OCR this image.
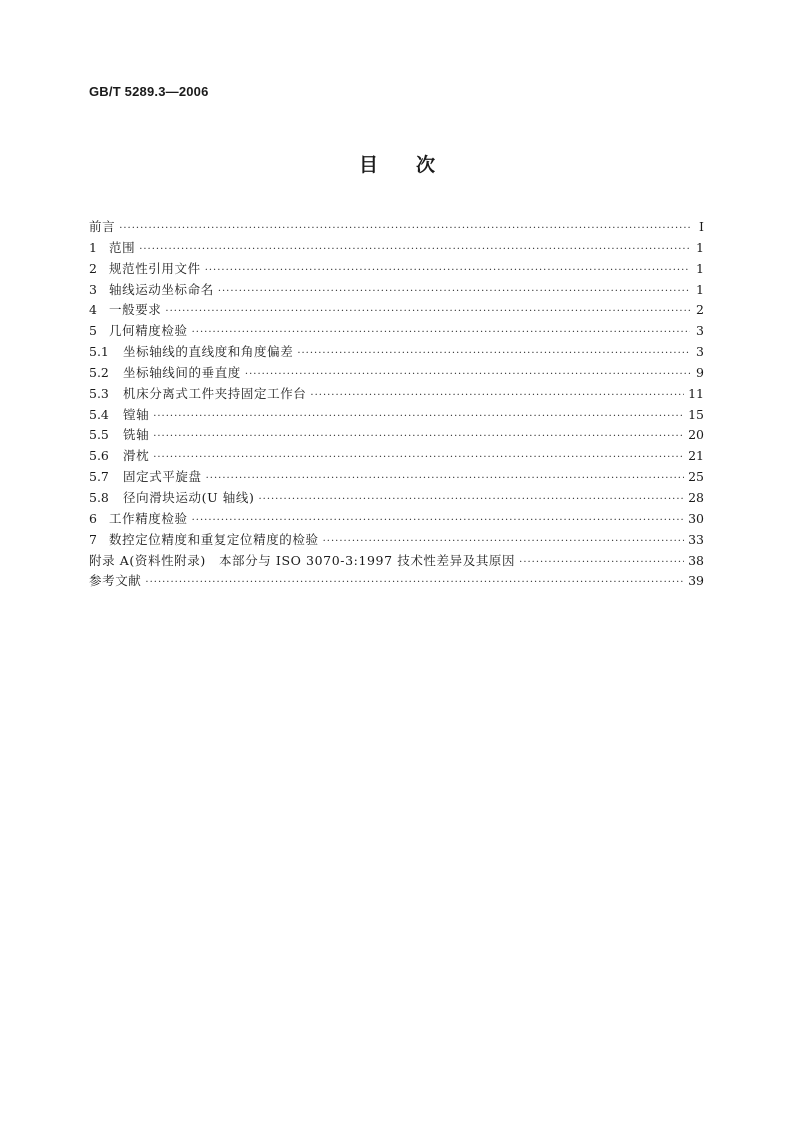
GB/T 5289.3—2006
目次
前言 ·····	Ⅰ
1 范围 ·····	1
2 规范性引用文件 ·····	1
3 轴线运动坐标命名 ·····	1
4 一般要求 ·····	2
5 几何精度检验 ·····	3
5.1	坐标轴线的直线度和角度偏差 ·····	3
5.2	坐标轴线间的垂直度 ·····	9
5.3	机床分离式工件夹持固定工作台 ·····	11
5.4	镗轴 ·····	15
5.5	铣轴 ·····	20
5.6	滑枕 ·····	21
5.7	固定式平旋盘 ·····	25
5.8	径向滑块运动(U 轴线) ·····	28
6 工作精度检验 ·····	30
7 数控定位精度和重复定位精度的检验 ·····	33
附录 A(资料性附录)　本部分与 ISO 3070-3:1997 技术性差异及其原因 ·····	38
参考文献 ·····	39
